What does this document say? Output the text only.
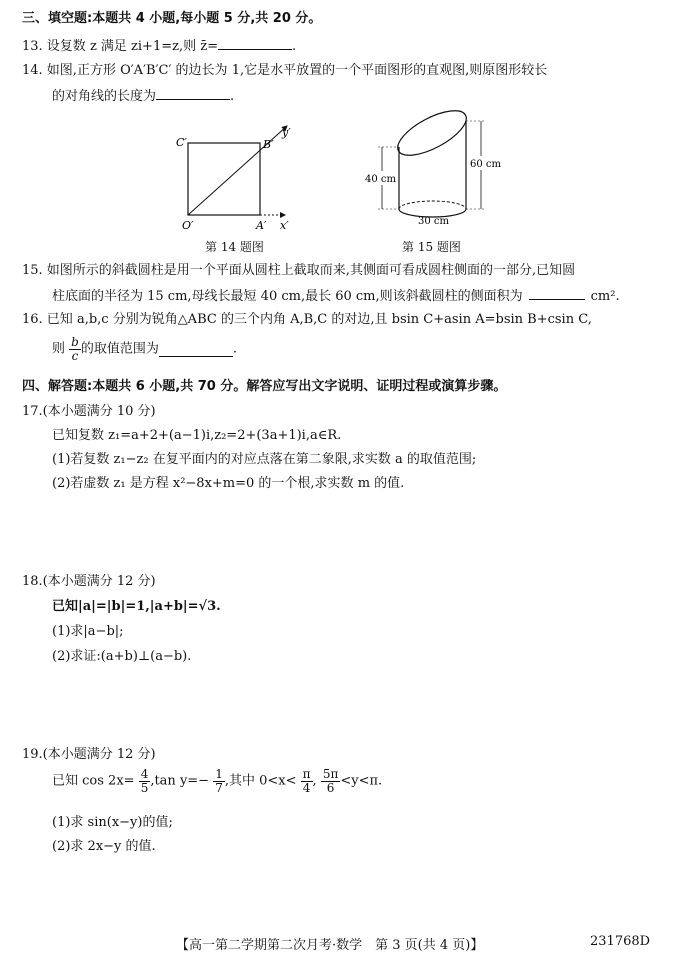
三、填空题:本题共 4 小题,每小题 5 分,共 20 分。
13. 设复数 z 满足 zi+1=z,则 z̄=	.
14. 如图,正方形 O′A′B′C′ 的边长为 1,它是水平放置的一个平面图形的直观图,则原图形较长
的对角线的长度为	.
C′	B′
O′	A′ x′
y′
第 14 题图
40 cm
60 cm
30 cm
第 15 题图
15. 如图所示的斜截圆柱是用一个平面从圆柱上截取而来,其侧面可看成圆柱侧面的一部分,已知圆
柱底面的半径为 15 cm,母线长最短 40 cm,最长 60 cm,则该斜截圆柱的侧面积为	cm².
16. 已知 a,b,c 分别为锐角△ABC 的三个内角 A,B,C 的对边,且 bsin C+asin A=bsin B+csin C,
则 $\frac{b}{c}$ 的取值范围为	.
四、解答题:本题共 6 小题,共 70 分。解答应写出文字说明、证明过程或演算步骤。
17.(本小题满分 10 分)
已知复数 z₁=a+2+(a−1)i,z₂=2+(3a+1)i,a∈R.
(1)若复数 z₁−z₂ 在复平面内的对应点落在第二象限,求实数 a 的取值范围;
(2)若虚数 z₁ 是方程 x²−8x+m=0 的一个根,求实数 m 的值.
18.(本小题满分 12 分)
已知|a|=|b|=1,|a+b|=√3.
(1)求|a−b|;
(2)求证:(a+b)⊥(a−b).
19.(本小题满分 12 分)
已知 $\cos 2x= \frac{4}{5} ,\tan$ $y=- \frac{1}{7}$ ,其中 $0<x< \frac{\pi}{4}$ , $\frac{5\pi}{6} <y<\pi$.
(1)求 sin(x−y)的值;
(2)求 2x−y 的值.
【高一第二学期第二次月考·数学　第 3 页(共 4 页)】	231768D
